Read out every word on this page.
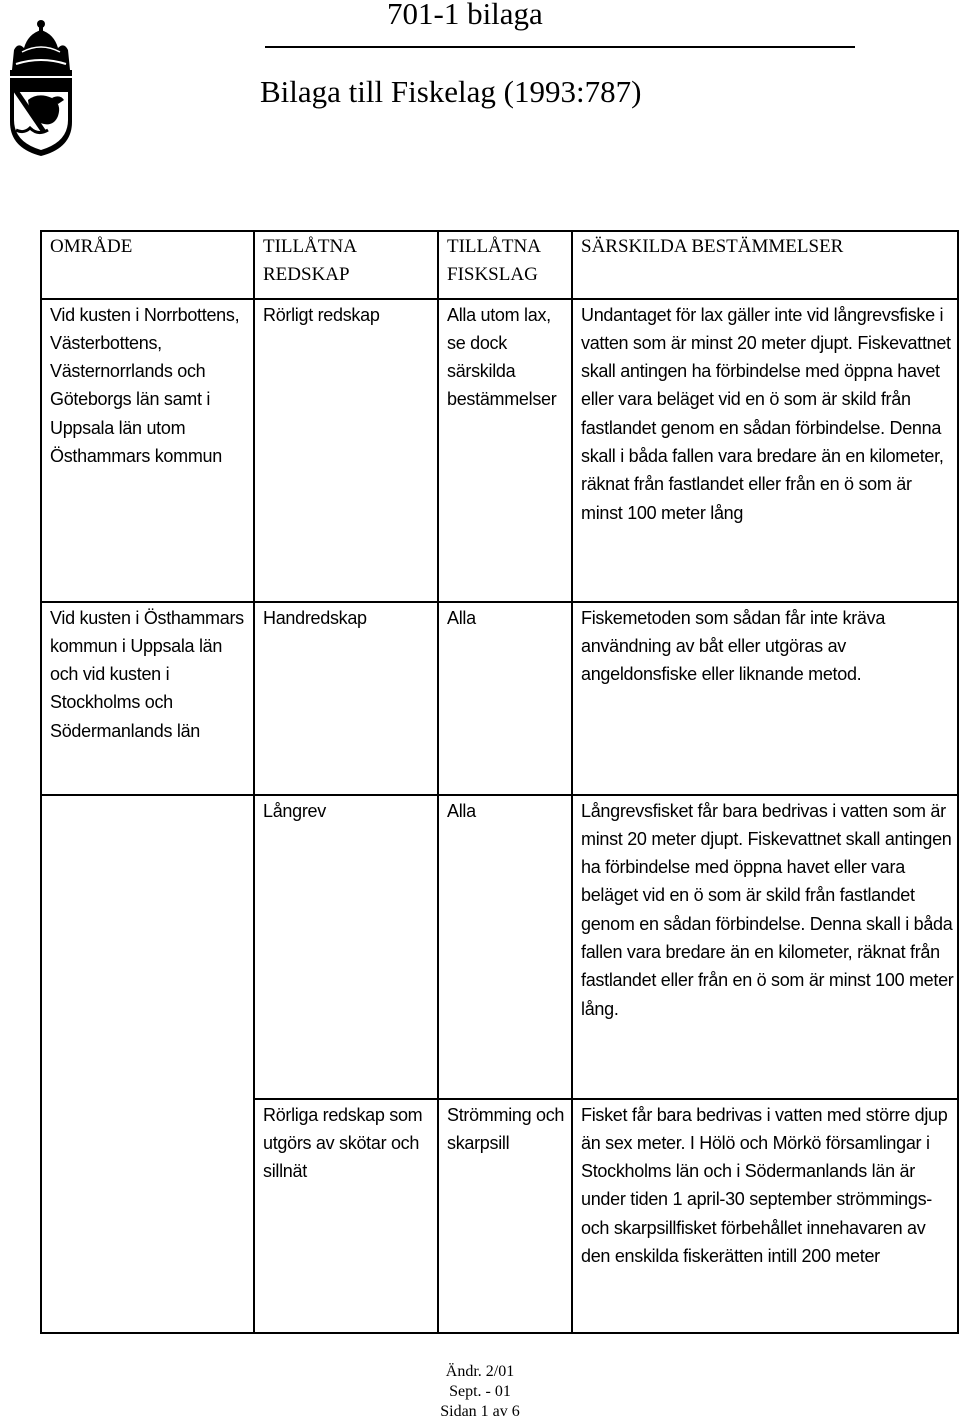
701-1 bilaga
Bilaga till Fiskelag (1993:787)
OMRÅDE	TILLÅTNA REDSKAP	TILLÅTNA FISKSLAG	SÄRSKILDA BESTÄMMELSER
Vid kusten i Norrbottens, Västerbottens, Västernorrlands och Göteborgs län samt i Uppsala län utom Östhammars kommun	Rörligt redskap	Alla utom lax, se dock särskilda bestämmelser	Undantaget för lax gäller inte vid långrevsfiske i vatten som är minst 20 meter djupt. Fiskevattnet skall antingen ha förbindelse med öppna havet eller vara beläget vid en ö som är skild från fastlandet genom en sådan förbindelse. Denna skall i båda fallen vara bredare än en kilometer, räknat från fastlandet eller från en ö som är minst 100 meter lång
Vid kusten i Östhammars kommun i Uppsala län och vid kusten i Stockholms och Södermanlands län	Handredskap	Alla	Fiskemetoden som sådan får inte kräva användning av båt eller utgöras av angeldonsfiske eller liknande metod.
	Långrev	Alla	Långrevsfisket får bara bedrivas i vatten som är minst 20 meter djupt. Fiskevattnet skall antingen ha förbindelse med öppna havet eller vara beläget vid en ö som är skild från fastlandet genom en sådan förbindelse. Denna skall i båda fallen vara bredare än en kilometer, räknat från fastlandet eller från en ö som är minst 100 meter lång.
	Rörliga redskap som utgörs av skötar och sillnät	Strömming och skarpsill	Fisket får bara bedrivas i vatten med större djup än sex meter. I Hölö och Mörkö församlingar i Stockholms län och i Södermanlands län är under tiden 1 april-30 september strömmings- och skarpsillfisket förbehållet innehavaren av den enskilda fiskerätten intill 200 meter
Ändr. 2/01
Sept. - 01
Sidan 1 av 6
